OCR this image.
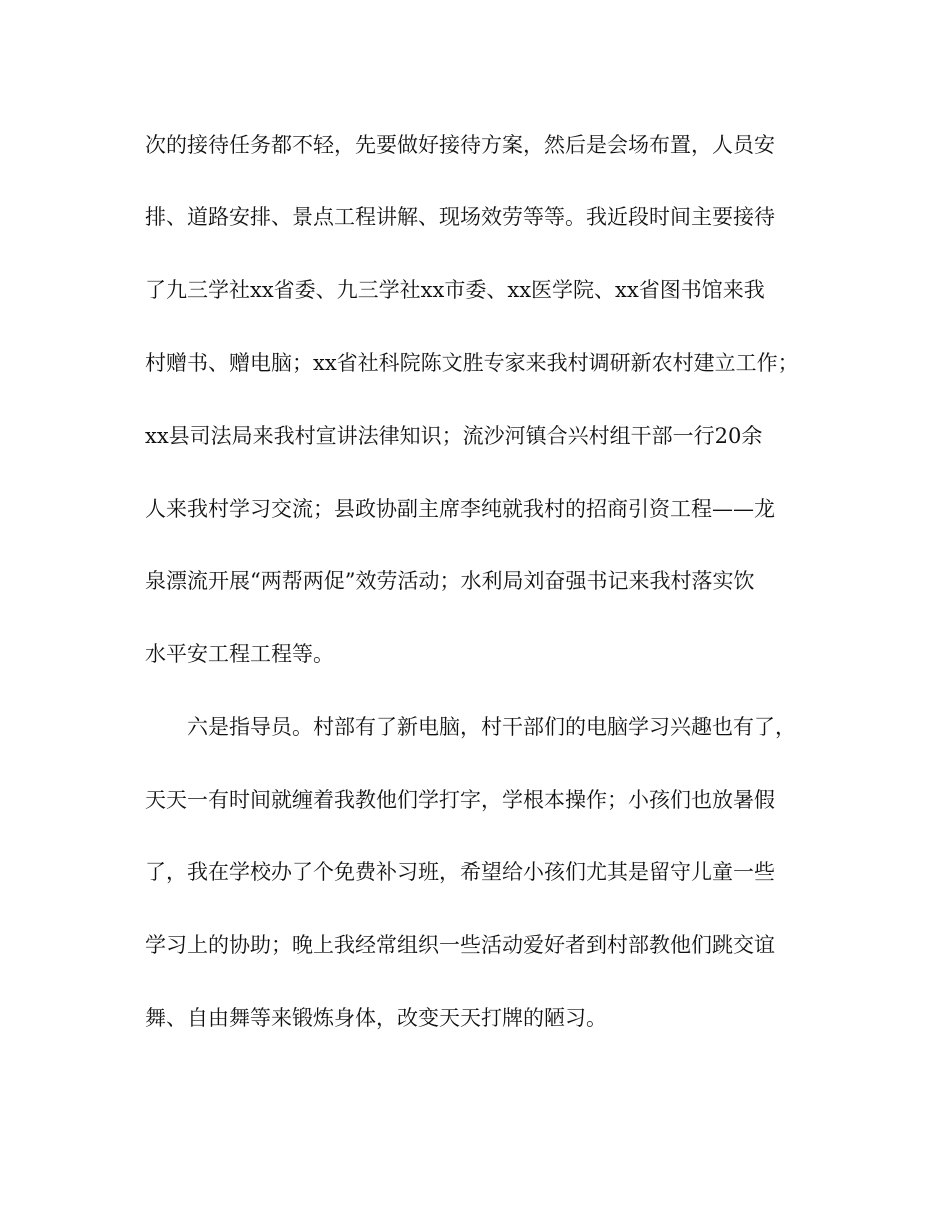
次的接待任务都不轻，先要做好接待方案，然后是会场布置，人员安
排、道路安排、景点工程讲解、现场效劳等等。我近段时间主要接待
了九三学社xx省委、九三学社xx市委、xx医学院、xx省图书馆来我
村赠书、赠电脑；xx省社科院陈文胜专家来我村调研新农村建立工作；
xx县司法局来我村宣讲法律知识；流沙河镇合兴村组干部一行20余
人来我村学习交流；县政协副主席李纯就我村的招商引资工程——龙
泉漂流开展“两帮两促”效劳活动；水利局刘奋强书记来我村落实饮
水平安工程工程等。
六是指导员。村部有了新电脑，村干部们的电脑学习兴趣也有了，
天天一有时间就缠着我教他们学打字，学根本操作；小孩们也放暑假
了，我在学校办了个免费补习班，希望给小孩们尤其是留守儿童一些
学习上的协助；晚上我经常组织一些活动爱好者到村部教他们跳交谊
舞、自由舞等来锻炼身体，改变天天打牌的陋习。
